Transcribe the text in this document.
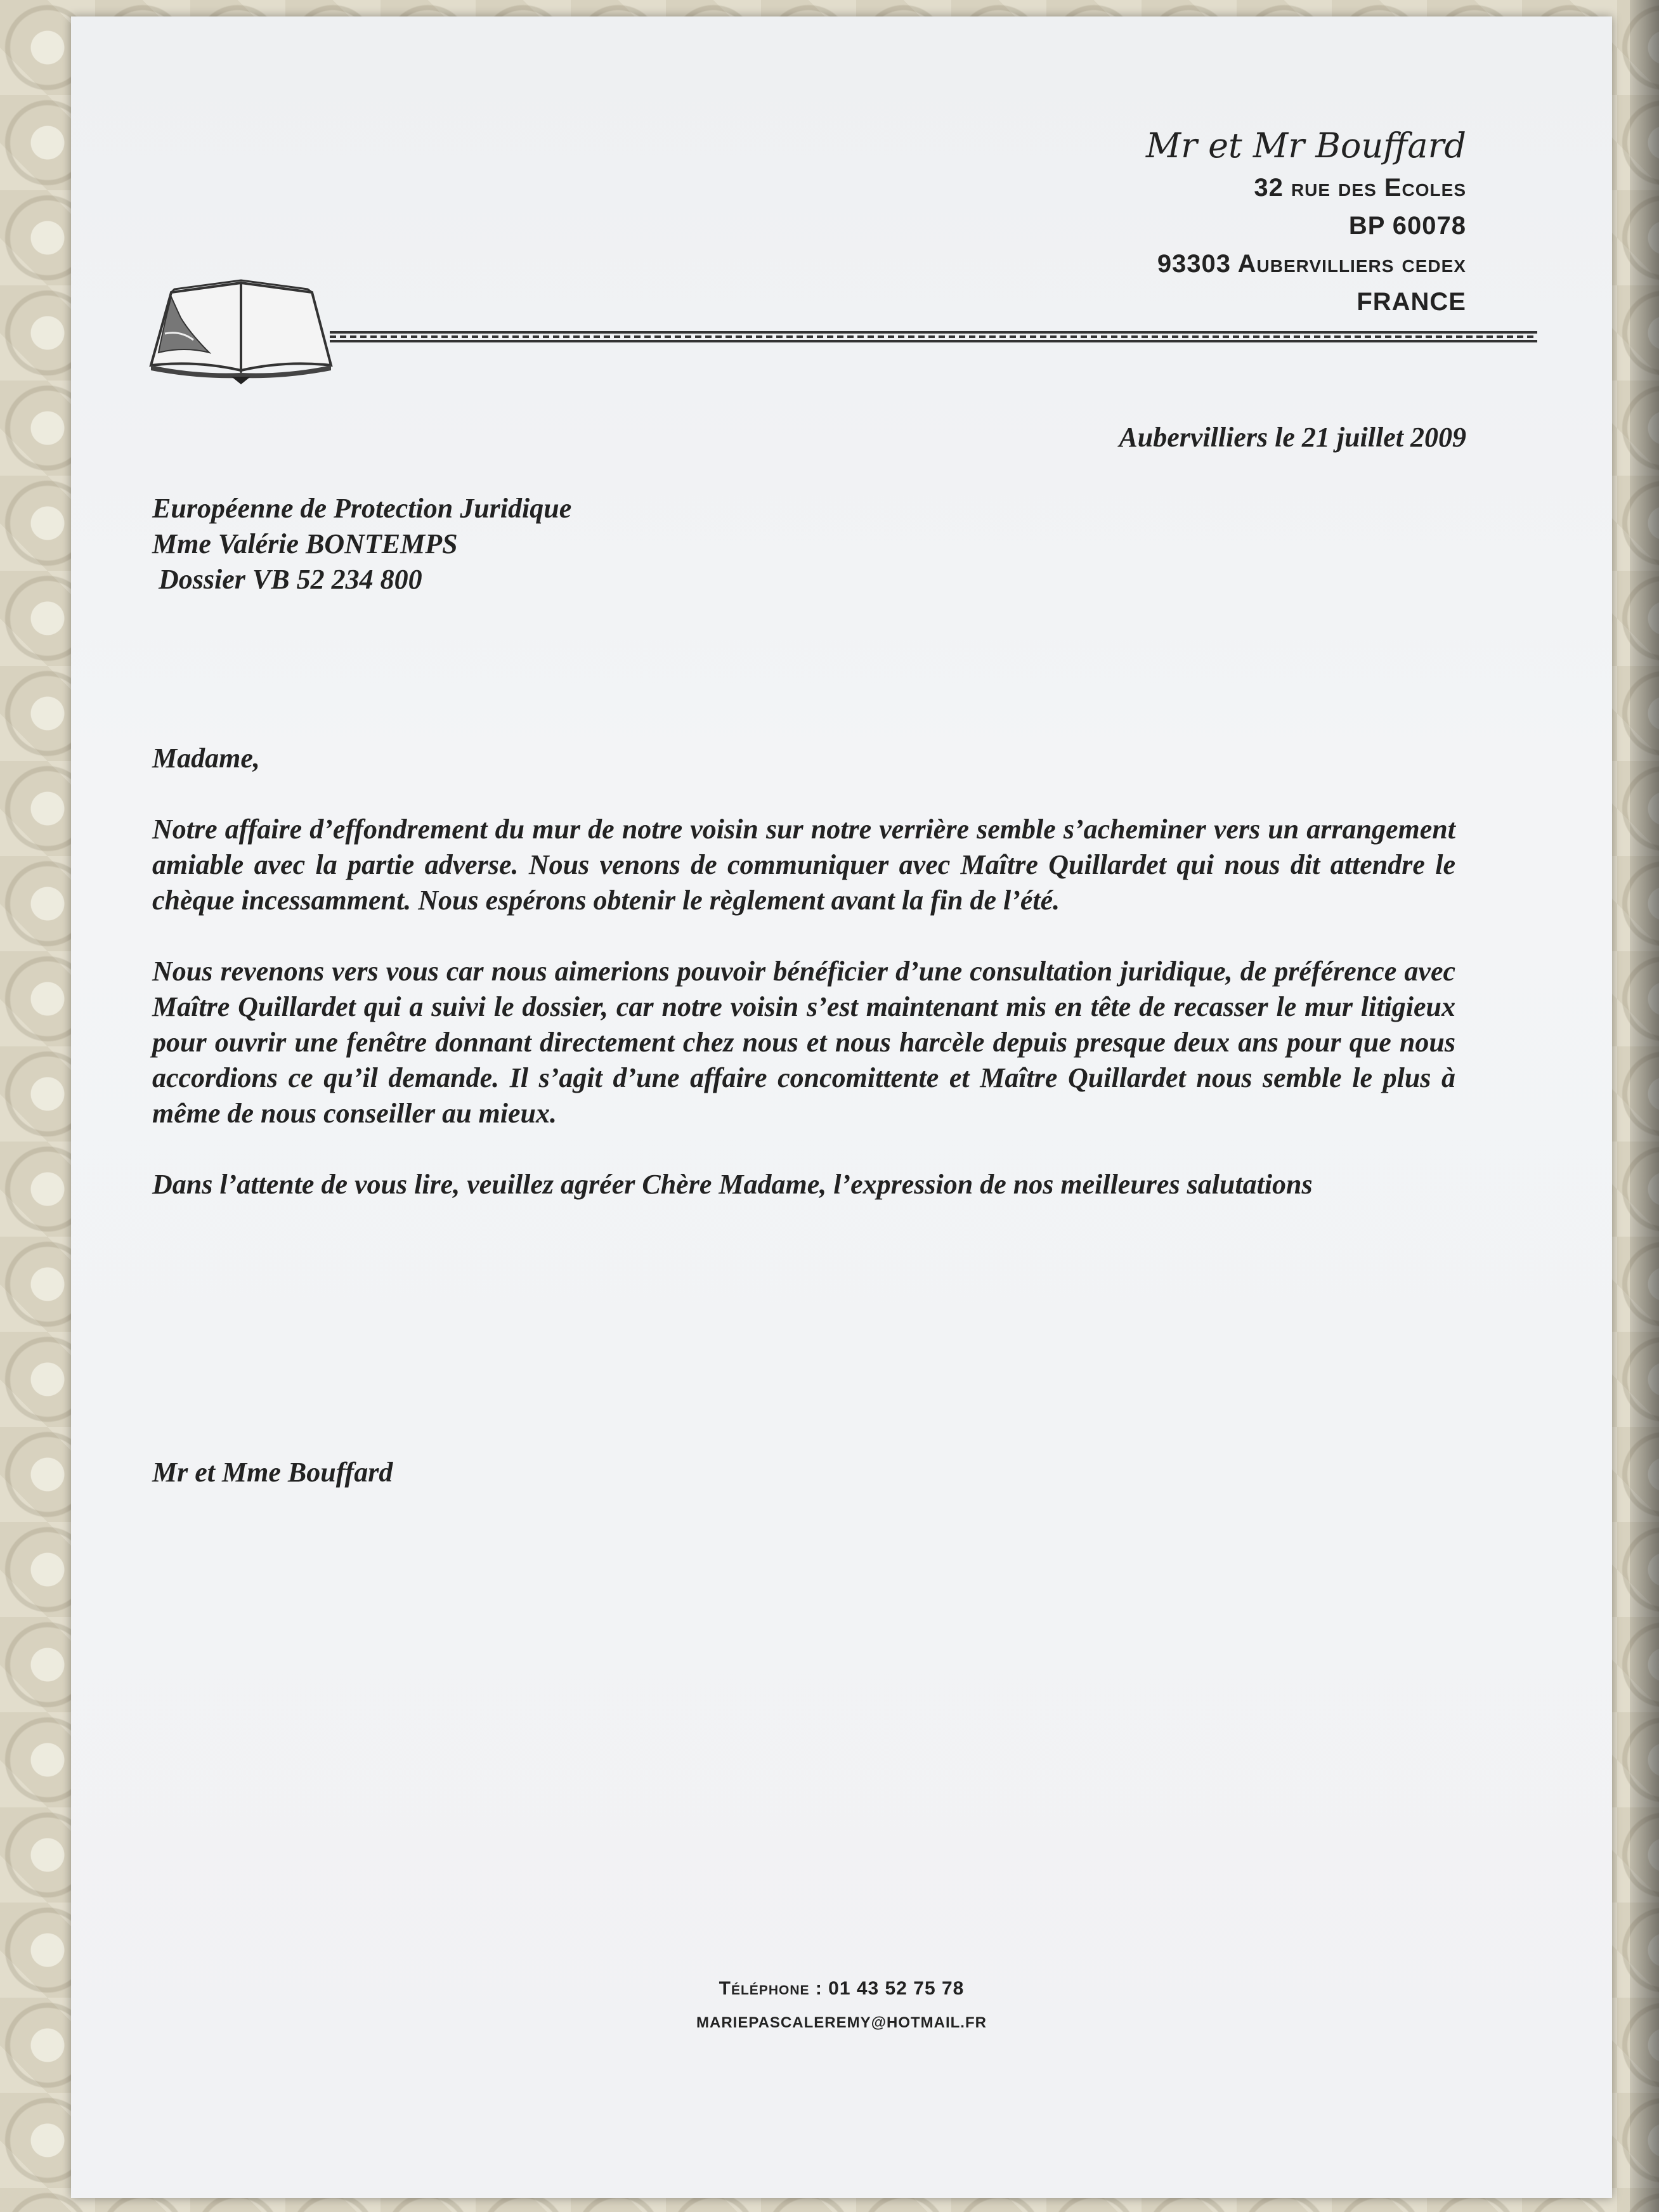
Mr et Mr Bouffard
32 rue des Ecoles
BP 60078
93303 Aubervilliers cedex
FRANCE
Aubervilliers le 21 juillet 2009
Européenne de Protection Juridique
Mme Valérie BONTEMPS
Dossier VB 52 234 800

Madame,

Notre affaire d’effondrement du mur de notre voisin sur notre verrière semble s’acheminer vers un arrangement amiable avec la partie adverse. Nous venons de communiquer avec Maître Quillardet qui nous dit attendre le chèque incessamment. Nous espérons obtenir le règlement avant la fin de l’été.

Nous revenons vers vous car nous aimerions pouvoir bénéficier d’une consultation juridique, de préférence avec Maître Quillardet qui a suivi le dossier, car notre voisin s’est maintenant mis en tête de recasser le mur litigieux pour ouvrir une fenêtre donnant directement chez nous et nous harcèle depuis presque deux ans pour que nous accordions ce qu’il demande. Il s’agit d’une affaire concomittente et Maître Quillardet nous semble le plus à même de nous conseiller au mieux.

Dans l’attente de vous lire, veuillez agréer Chère Madame, l’expression de nos meilleures salutations

Mr et Mme Bouffard
Téléphone : 01 43 52 75 78
MARIEPASCALEREMY@HOTMAIL.FR
